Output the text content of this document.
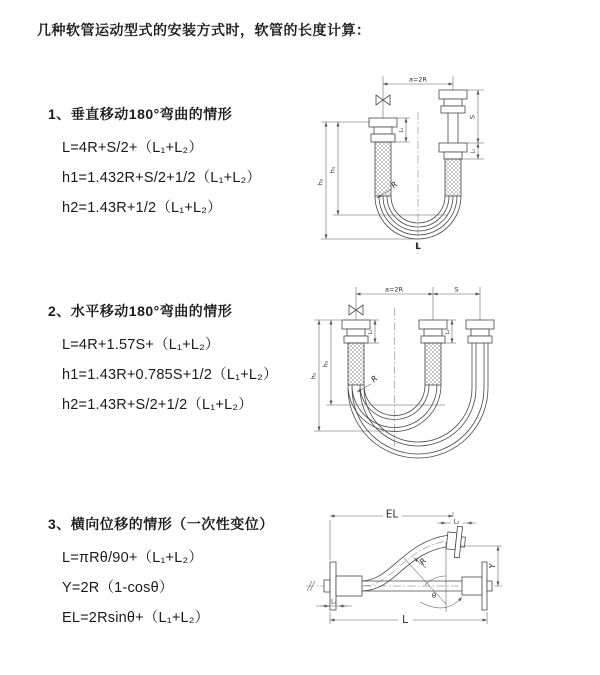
几种软管运动型式的安装方式时，软管的长度计算：
1、垂直移动180°弯曲的情形
L=4R+S/2+（L₁+L₂）
h1=1.432R+S/2+1/2（L₁+L₂）
h2=1.43R+1/2（L₁+L₂）
2、水平移动180°弯曲的情形
L=4R+1.57S+（L₁+L₂）
h1=1.43R+0.785S+1/2（L₁+L₂）
h2=1.43R+S/2+1/2（L₁+L₂）
3、横向位移的情形（一次性变位）
L=πRθ/90+（L₁+L₂）
Y=2R（1-cosθ）
EL=2Rsinθ+（L₁+L₂）
a=2R
h₂
h₁
L₁
S
L₂
R
L
a=2R	S
h₂
h₁
L₁	L₂
R
EL
L₂
Y
R
θ
L₁
L
